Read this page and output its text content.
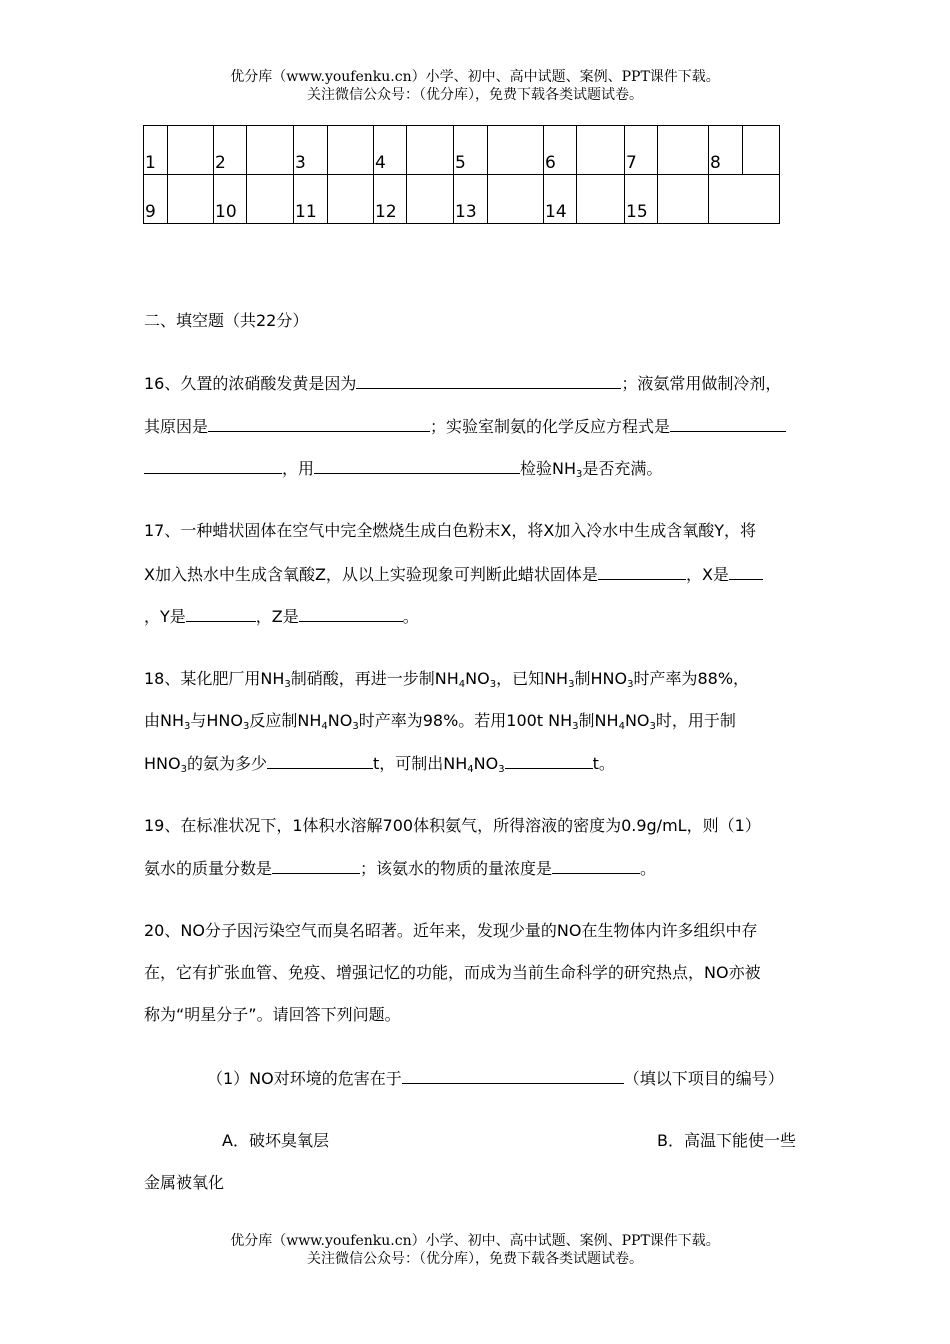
优分库（www.youfenku.cn）小学、初中、高中试题、案例、PPT课件下载。
关注微信公众号：（优分库），免费下载各类试题试卷。
1		2		3		4		5		6		7		8	
9		10		11		12		13		14		15			
二、填空题（共22分）
16、久置的浓硝酸发黄是因为	；液氨常用做制冷剂，
其原因是	；实验室制氨的化学反应方程式是
，用	检验$NH_3$是否充满。
17、一种蜡状固体在空气中完全燃烧生成白色粉末X，将X加入冷水中生成含氧酸Y，将
X加入热水中生成含氧酸Z，从以上实验现象可判断此蜡状固体是	，X是
，Y是	，Z是	。
18、某化肥厂用$NH_3$制硝酸，再进一步制$NH_4NO_3$，已知$NH_3$制$HNO_3$时产率为88%，
由$NH_3$与$HNO_3$反应制$NH_4NO_3$时产率为98%。若用100t $NH_3$制$NH_4NO_3$时，用于制
$HNO_3$的氨为多少	t，可制出$NH_4NO_3$	t。
19、在标准状况下，1体积水溶解700体积氨气，所得溶液的密度为0.9g/mL，则（1）
氨水的质量分数是	；该氨水的物质的量浓度是	。
20、NO分子因污染空气而臭名昭著。近年来，发现少量的NO在生物体内许多组织中存
在，它有扩张血管、免疫、增强记忆的功能，而成为当前生命科学的研究热点，NO亦被
称为“明星分子”。请回答下列问题。
（1）NO对环境的危害在于	（填以下项目的编号）
A．破坏臭氧层	B．高温下能使一些
金属被氧化
优分库（www.youfenku.cn）小学、初中、高中试题、案例、PPT课件下载。
关注微信公众号：（优分库），免费下载各类试题试卷。
